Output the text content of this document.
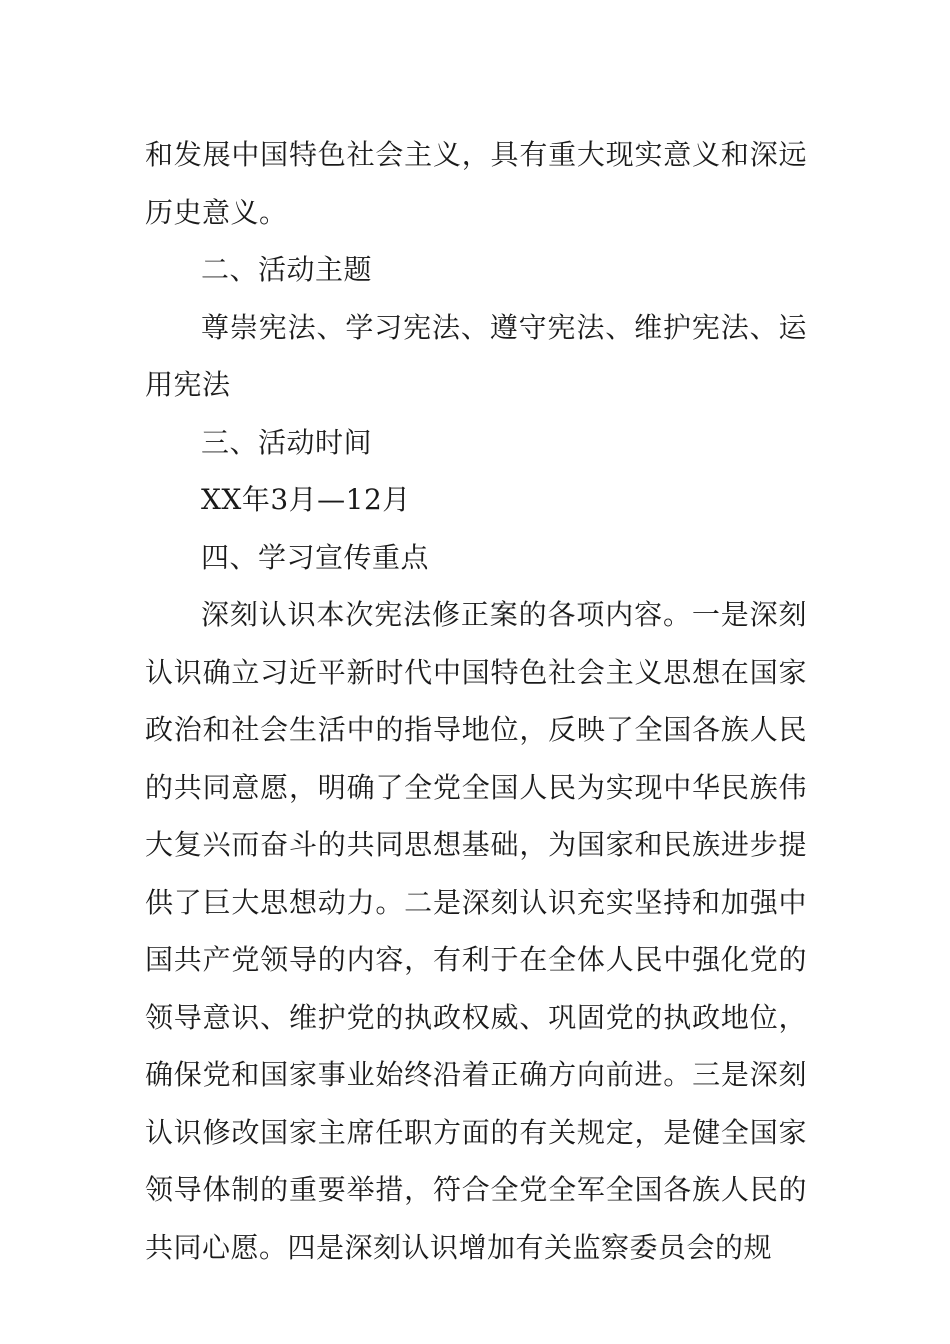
和发展中国特色社会主义，具有重大现实意义和深远历史意义。

二、活动主题

尊崇宪法、学习宪法、遵守宪法、维护宪法、运用宪法

三、活动时间

XX年3月—12月

四、学习宣传重点

深刻认识本次宪法修正案的各项内容。一是深刻认识确立习近平新时代中国特色社会主义思想在国家政治和社会生活中的指导地位，反映了全国各族人民的共同意愿，明确了全党全国人民为实现中华民族伟大复兴而奋斗的共同思想基础，为国家和民族进步提供了巨大思想动力。二是深刻认识充实坚持和加强中国共产党领导的内容，有利于在全体人民中强化党的领导意识、维护党的执政权威、巩固党的执政地位，确保党和国家事业始终沿着正确方向前进。三是深刻认识修改国家主席任职方面的有关规定，是健全国家领导体制的重要举措，符合全党全军全国各族人民的共同心愿。四是深刻认识增加有关监察委员会的规
